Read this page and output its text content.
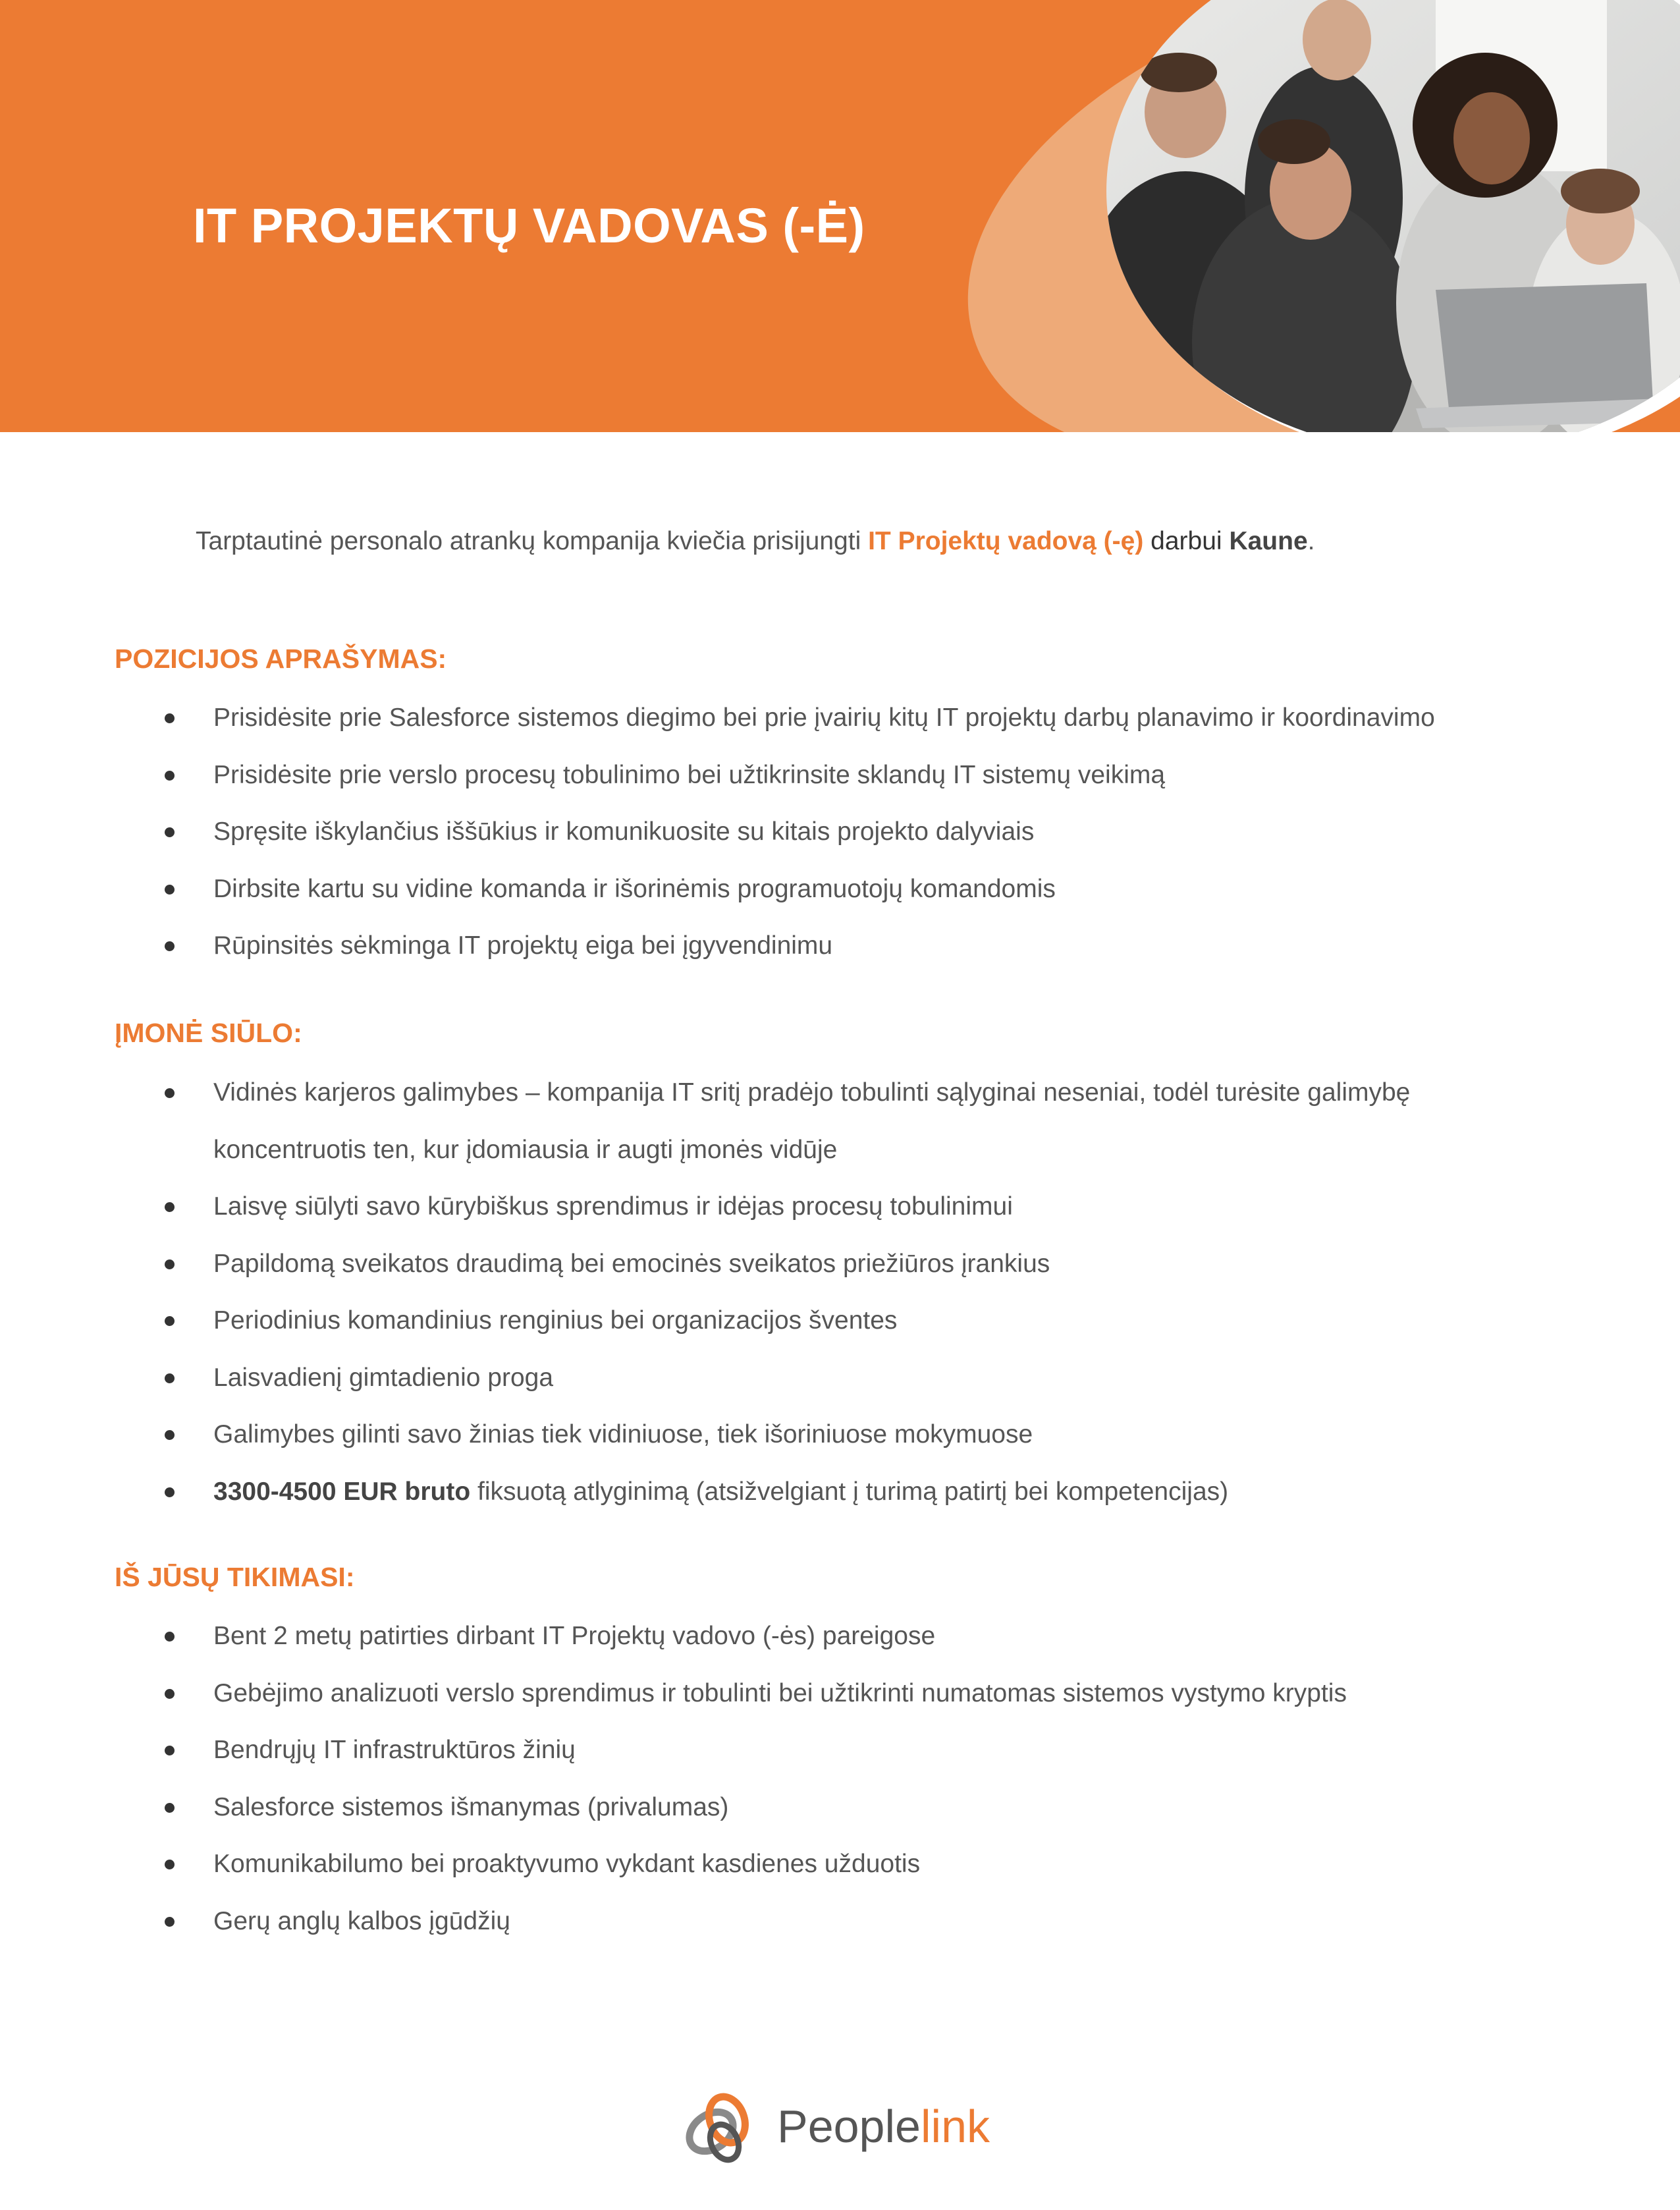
IT PROJEKTŲ VADOVAS (-Ė)

Tarptautinė personalo atrankų kompanija kviečia prisijungti IT Projektų vadovą (-ę) darbui Kaune.

POZICIJOS APRAŠYMAS:
Prisidėsite prie Salesforce sistemos diegimo bei prie įvairių kitų IT projektų darbų planavimo ir koordinavimo
Prisidėsite prie verslo procesų tobulinimo bei užtikrinsite sklandų IT sistemų veikimą
Spręsite iškylančius iššūkius ir komunikuosite su kitais projekto dalyviais
Dirbsite kartu su vidine komanda ir išorinėmis programuotojų komandomis
Rūpinsitės sėkminga IT projektų eiga bei įgyvendinimu
ĮMONĖ SIŪLO:
Vidinės karjeros galimybes – kompanija IT sritį pradėjo tobulinti sąlyginai neseniai, todėl turėsite galimybę koncentruotis ten, kur įdomiausia ir augti įmonės vidūje
Laisvę siūlyti savo kūrybiškus sprendimus ir idėjas procesų tobulinimui
Papildomą sveikatos draudimą bei emocinės sveikatos priežiūros įrankius
Periodinius komandinius renginius bei organizacijos šventes
Laisvadienį gimtadienio proga
Galimybes gilinti savo žinias tiek vidiniuose, tiek išoriniuose mokymuose
3300-4500 EUR bruto fiksuotą atlyginimą (atsižvelgiant į turimą patirtį bei kompetencijas)
IŠ JŪSŲ TIKIMASI:
Bent 2 metų patirties dirbant IT Projektų vadovo (-ės) pareigose
Gebėjimo analizuoti verslo sprendimus ir tobulinti bei užtikrinti numatomas sistemos vystymo kryptis
Bendrųjų IT infrastruktūros žinių
Salesforce sistemos išmanymas (privalumas)
Komunikabilumo bei proaktyvumo vykdant kasdienes užduotis
Gerų anglų kalbos įgūdžių
Peoplelink
